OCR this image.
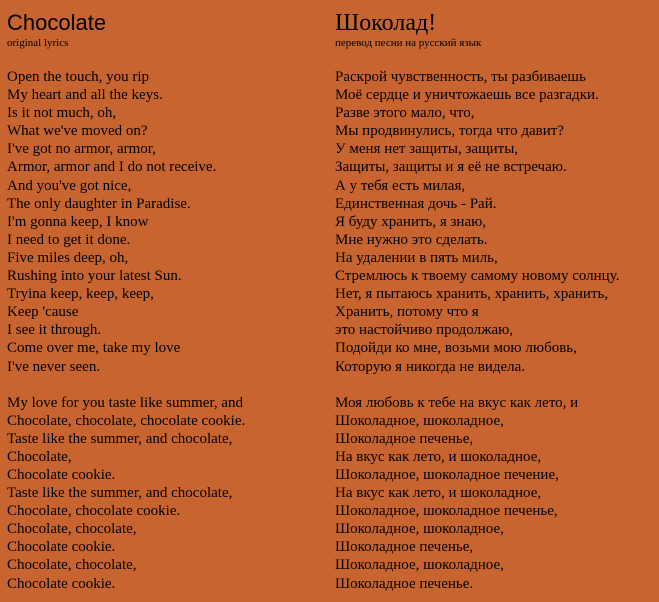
Chocolate
original lyrics
Open the touch, you rip
My heart and all the keys.
Is it not much, oh,
What we've moved on?
I've got no armor, armor,
Armor, armor and I do not receive.
And you've got nice,
The only daughter in Paradise.
I'm gonna keep, I know
I need to get it done.
Five miles deep, oh,
Rushing into your latest Sun.
Tryina keep, keep, keep,
Keep 'cause
I see it through.
Come over me, take my love
I've never seen.
My love for you taste like summer, and
Chocolate, chocolate, chocolate cookie.
Taste like the summer, and chocolate,
Chocolate,
Chocolate cookie.
Taste like the summer, and chocolate,
Chocolate, chocolate cookie.
Chocolate, chocolate,
Chocolate cookie.
Chocolate, chocolate,
Chocolate cookie.
Шоколад!
перевод песни на русский язык
Раскрой чувственность, ты разбиваешь
Моё сердце и уничтожаешь все разгадки.
Разве этого мало, что,
Мы продвинулись, тогда что давит?
У меня нет защиты, защиты,
Защиты, защиты и я её не встречаю.
А у тебя есть милая,
Единственная дочь - Рай.
Я буду хранить, я знаю,
Мне нужно это сделать.
На удалении в пять миль,
Стремлюсь к твоему самому новому солнцу.
Нет, я пытаюсь хранить, хранить, хранить,
Хранить, потому что я
это настойчиво продолжаю,
Подойди ко мне, возьми мою любовь,
Которую я никогда не видела.
Моя любовь к тебе на вкус как лето, и
Шоколадное, шоколадное,
Шоколадное печенье,
На вкус как лето, и шоколадное,
Шоколадное, шоколадное печение,
На вкус как лето, и шоколадное,
Шоколадное, шоколадное печенье,
Шоколадное, шоколадное,
Шоколадное печенье,
Шоколадное, шоколадное,
Шоколадное печенье.
